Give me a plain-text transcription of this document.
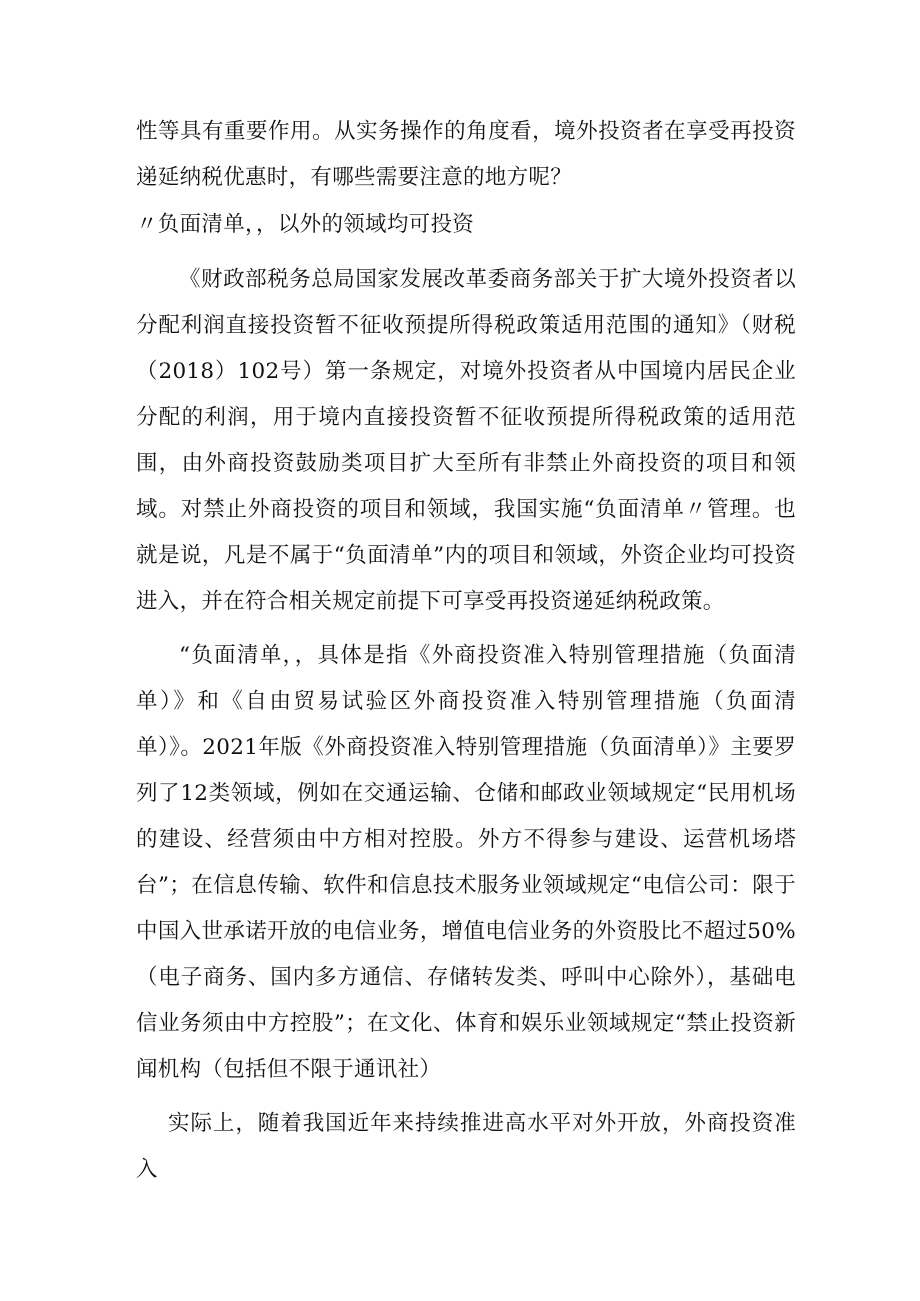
性等具有重要作用。从实务操作的角度看，境外投资者在享受再投资递延纳税优惠时，有哪些需要注意的地方呢？

〃负面清单，，以外的领域均可投资

《财政部税务总局国家发展改革委商务部关于扩大境外投资者以分配利润直接投资暂不征收预提所得税政策适用范围的通知》（财税（2018）102号）第一条规定，对境外投资者从中国境内居民企业分配的利润，用于境内直接投资暂不征收预提所得税政策的适用范围，由外商投资鼓励类项目扩大至所有非禁止外商投资的项目和领域。对禁止外商投资的项目和领域，我国实施“负面清单〃管理。也就是说，凡是不属于“负面清单”内的项目和领域，外资企业均可投资进入，并在符合相关规定前提下可享受再投资递延纳税政策。

“负面清单，，具体是指《外商投资准入特别管理措施（负面清单）》和《自由贸易试验区外商投资准入特别管理措施（负面清单）》。2021年版《外商投资准入特别管理措施（负面清单）》主要罗列了12类领域，例如在交通运输、仓储和邮政业领域规定“民用机场的建设、经营须由中方相对控股。外方不得参与建设、运营机场塔台”；在信息传输、软件和信息技术服务业领域规定“电信公司：限于中国入世承诺开放的电信业务，增值电信业务的外资股比不超过50%（电子商务、国内多方通信、存储转发类、呼叫中心除外），基础电信业务须由中方控股”；在文化、体育和娱乐业领域规定“禁止投资新闻机构（包括但不限于通讯社）

实际上，随着我国近年来持续推进高水平对外开放，外商投资准入
